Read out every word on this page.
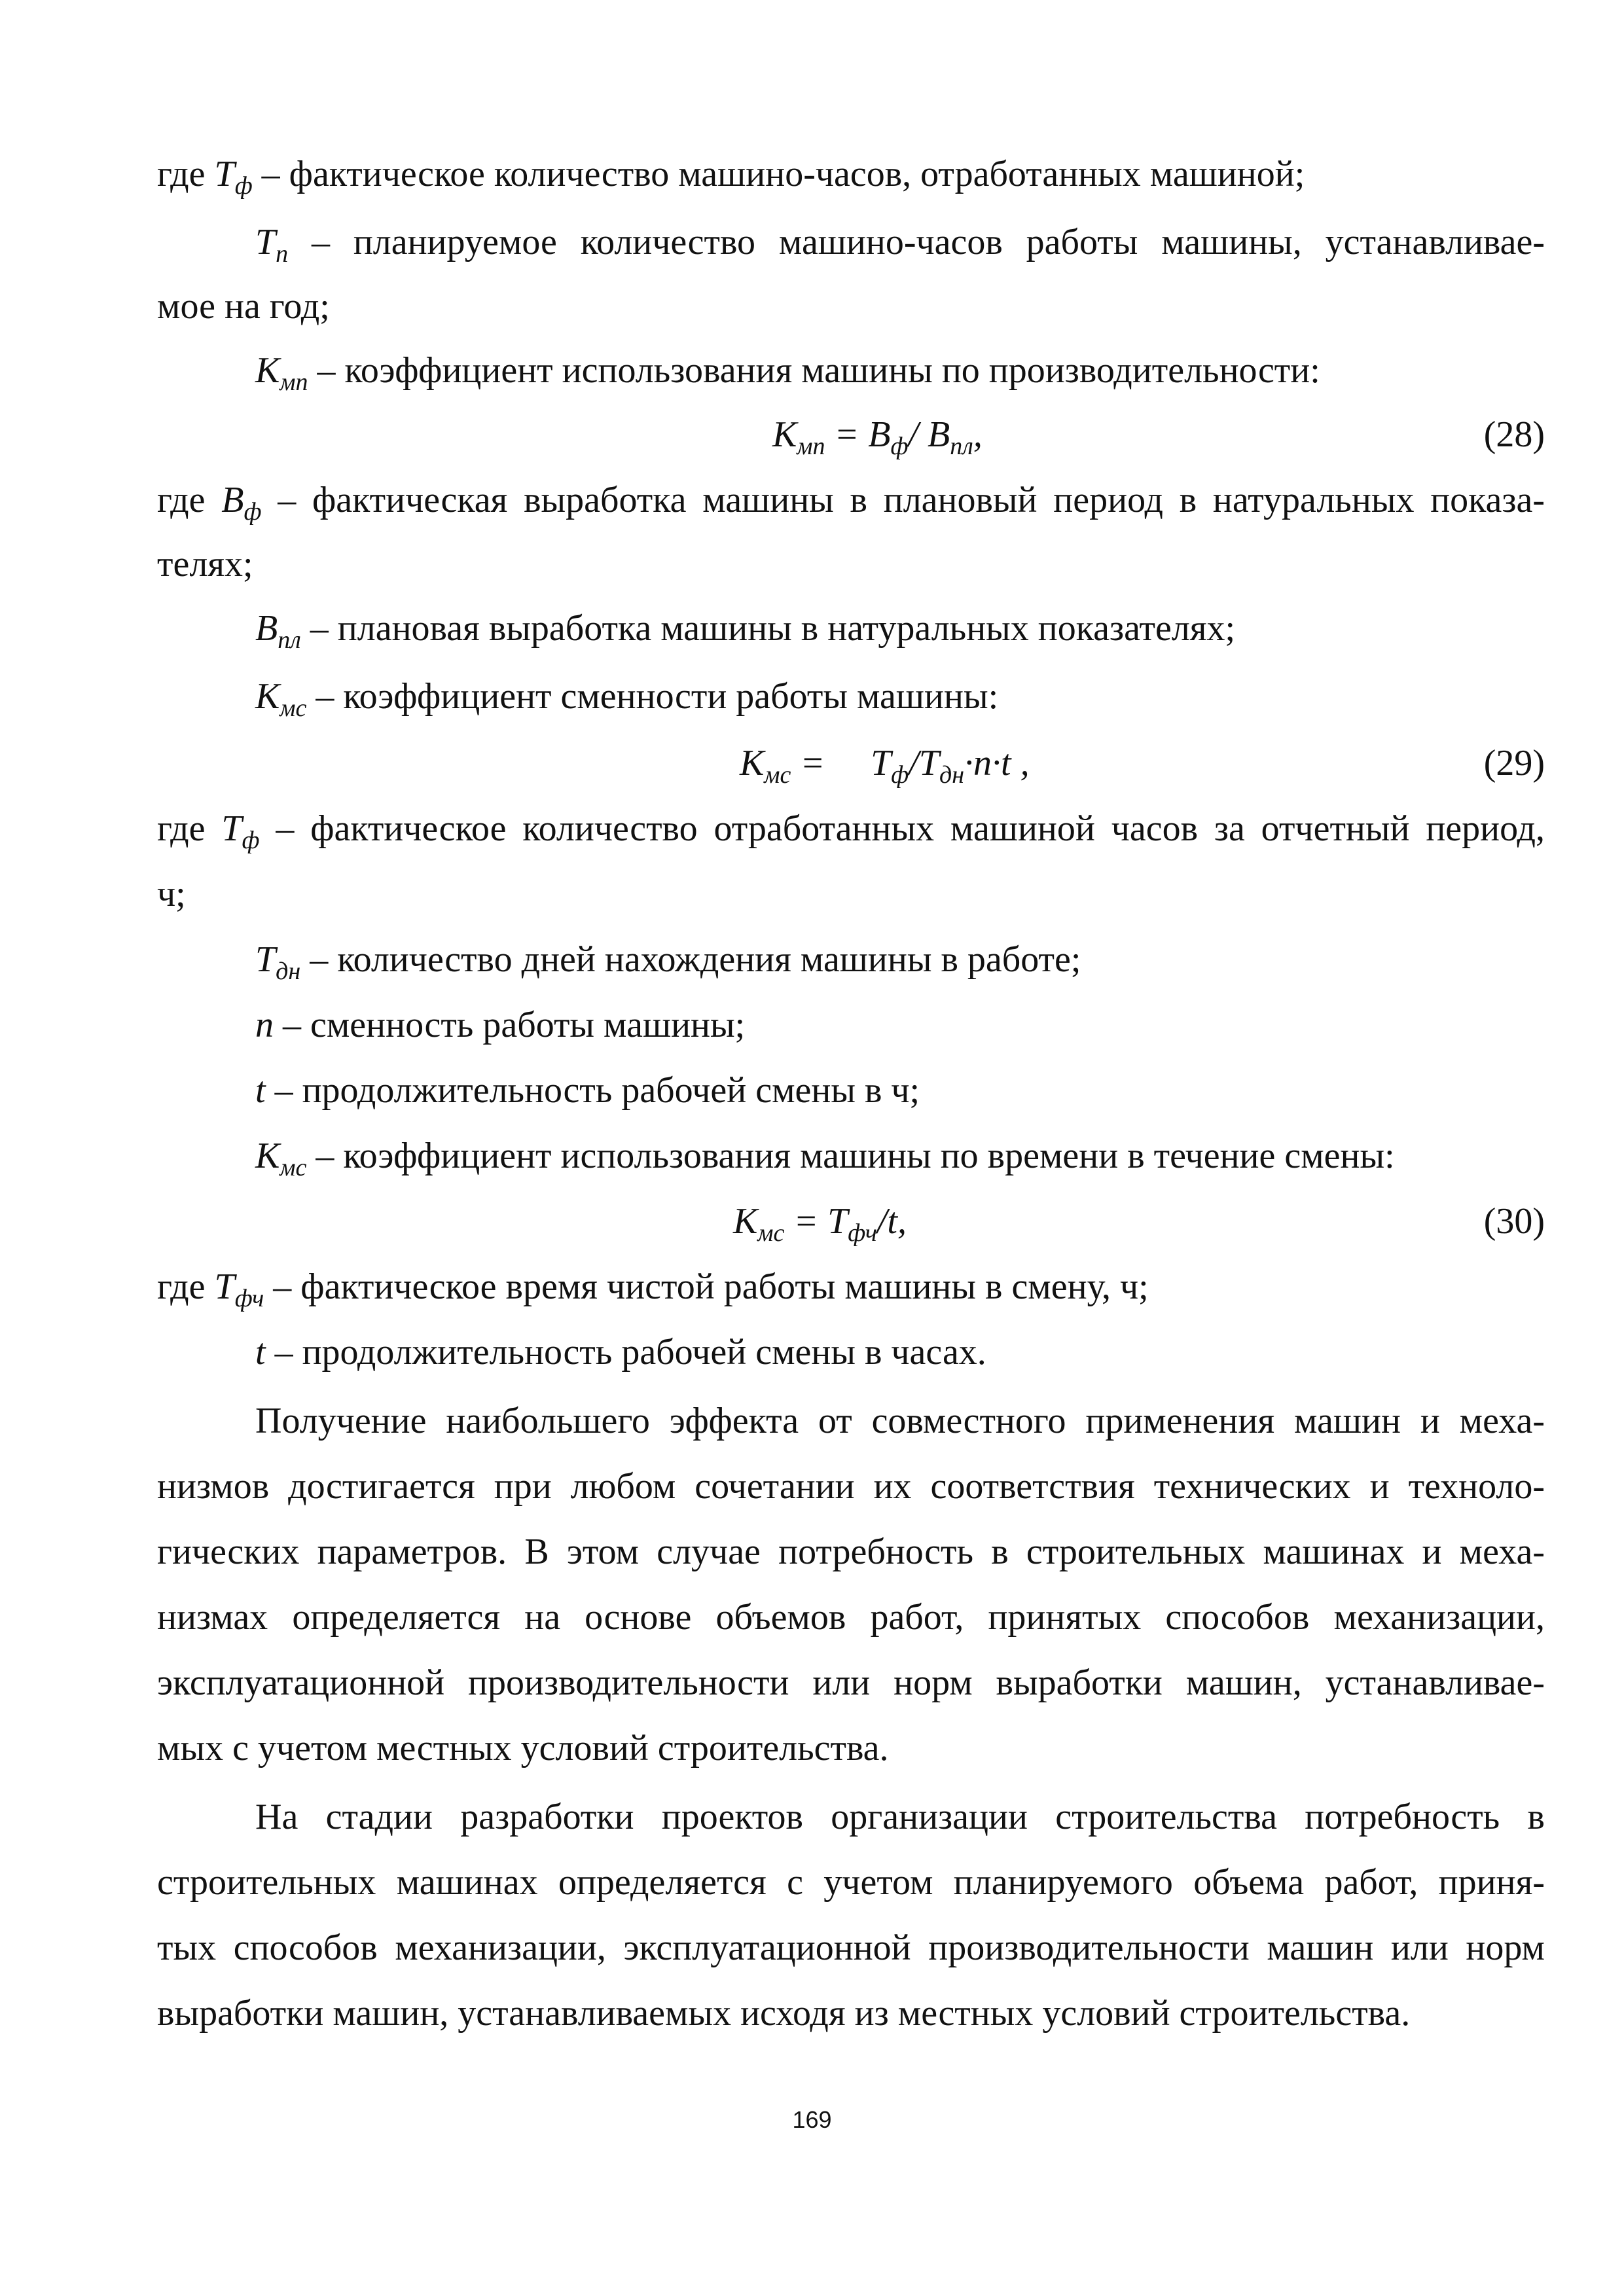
где $Т_ф$ – фактическое количество машино-часов, отработанных машиной;
$Т_п$ – планируемое количество машино-часов работы машины, устанавливае-
мое на год;
$К_{мп}$ – коэффициент использования машины по производительности:
$К_{мп} = В_ф/$ $В_{пл}$,	(28)
где $В_ф$ – фактическая выработка машины в плановый период в натуральных показа-
телях;
$В_{пл}$ – плановая выработка машины в натуральных показателях;
$К_{мс}$ – коэффициент сменности работы машины:
$К_{мс}$ =     $Т_ф/Т_{дн}\cdot n\cdot t$ ,	(29)
где $Т_ф$ – фактическое количество отработанных машиной часов за отчетный период,
ч;
$Т_{дн}$ – количество дней нахождения машины в работе;
n – сменность работы машины;
t – продолжительность рабочей смены в ч;
$К_{мс}$ – коэффициент использования машины по времени в течение смены:
$К_{мс} = Т_{фч}/t$,	(30)
где $Т_{фч}$ – фактическое время чистой работы машины в смену, ч;
t – продолжительность рабочей смены в часах.
Получение наибольшего эффекта от совместного применения машин и меха-
низмов достигается при любом сочетании их соответствия технических и техноло-
гических параметров. В этом случае потребность в строительных машинах и меха-
низмах определяется на основе объемов работ, принятых способов механизации,
эксплуатационной производительности или норм выработки машин, устанавливае-
мых с учетом местных условий строительства.
На стадии разработки проектов организации строительства потребность в
строительных машинах определяется с учетом планируемого объема работ, приня-
тых способов механизации, эксплуатационной производительности машин или норм
выработки машин, устанавливаемых исходя из местных условий строительства.
169
